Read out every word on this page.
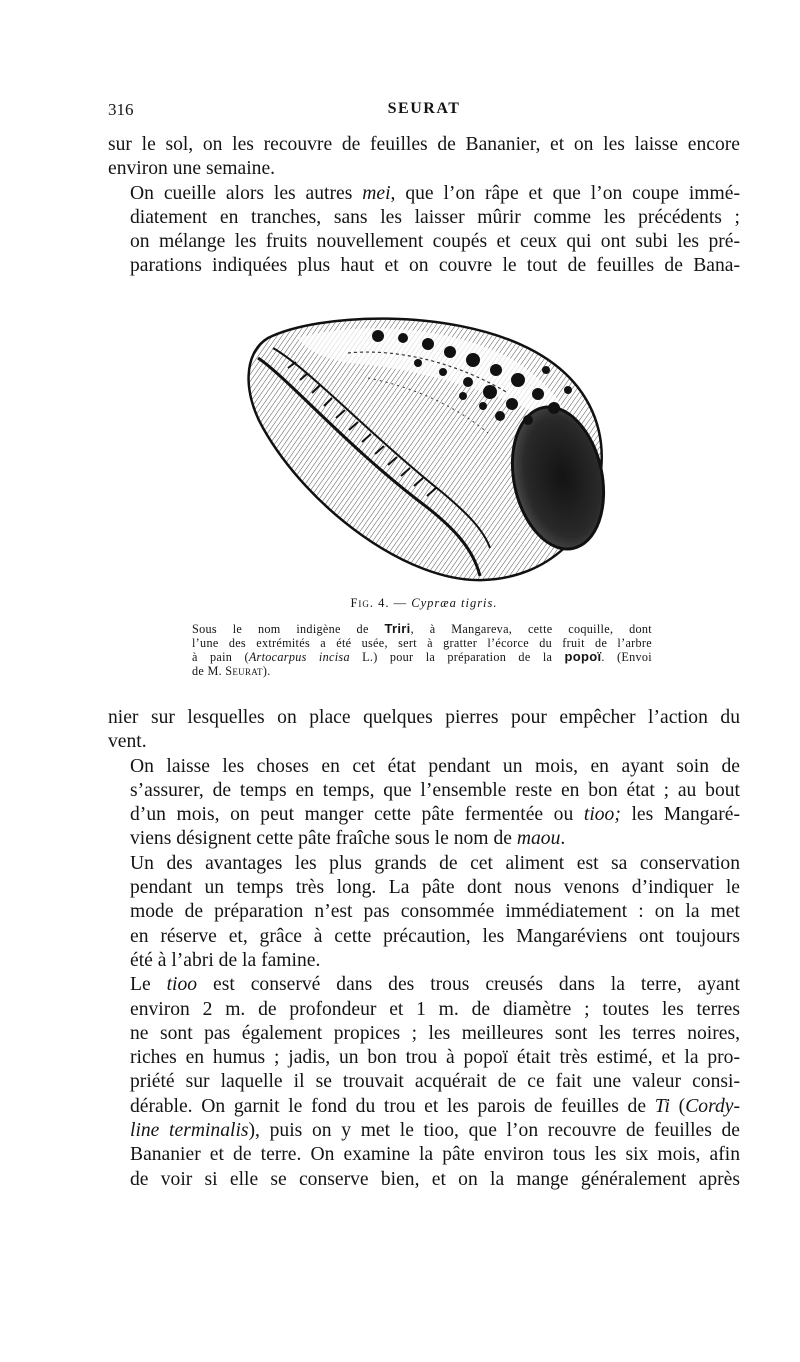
316	SEURAT

sur le sol, on les recouvre de feuilles de Bananier, et on les laisse encore
environ une semaine.

On cueille alors les autres mei, que l’on râpe et que l’on coupe immé-
diatement en tranches, sans les laisser mûrir comme les précédents ;
on mélange les fruits nouvellement coupés et ceux qui ont subi les pré-
parations indiquées plus haut et on couvre le tout de feuilles de Bana-

Fig. 4. — Cypræa tigris.
Sous le nom indigène de Triri, à Mangareva, cette coquille, dont
l’une des extrémités a été usée, sert à gratter l’écorce du fruit de l’arbre
à pain (Artocarpus incisa L.) pour la préparation de la popoï. (Envoi
de M. Seurat).

nier sur lesquelles on place quelques pierres pour empêcher l’action du
vent.

On laisse les choses en cet état pendant un mois, en ayant soin de
s’assurer, de temps en temps, que l’ensemble reste en bon état ; au bout
d’un mois, on peut manger cette pâte fermentée ou tioo; les Mangaré-
viens désignent cette pâte fraîche sous le nom de maou.

Un des avantages les plus grands de cet aliment est sa conservation
pendant un temps très long. La pâte dont nous venons d’indiquer le
mode de préparation n’est pas consommée immédiatement : on la met
en réserve et, grâce à cette précaution, les Mangaréviens ont toujours
été à l’abri de la famine.

Le tioo est conservé dans des trous creusés dans la terre, ayant
environ 2 m. de profondeur et 1 m. de diamètre ; toutes les terres
ne sont pas également propices ; les meilleures sont les terres noires,
riches en humus ; jadis, un bon trou à popoï était très estimé, et la pro-
priété sur laquelle il se trouvait acquérait de ce fait une valeur consi-
dérable. On garnit le fond du trou et les parois de feuilles de Ti (Cordy-
line terminalis), puis on y met le tioo, que l’on recouvre de feuilles de
Bananier et de terre. On examine la pâte environ tous les six mois, afin
de voir si elle se conserve bien, et on la mange généralement après
